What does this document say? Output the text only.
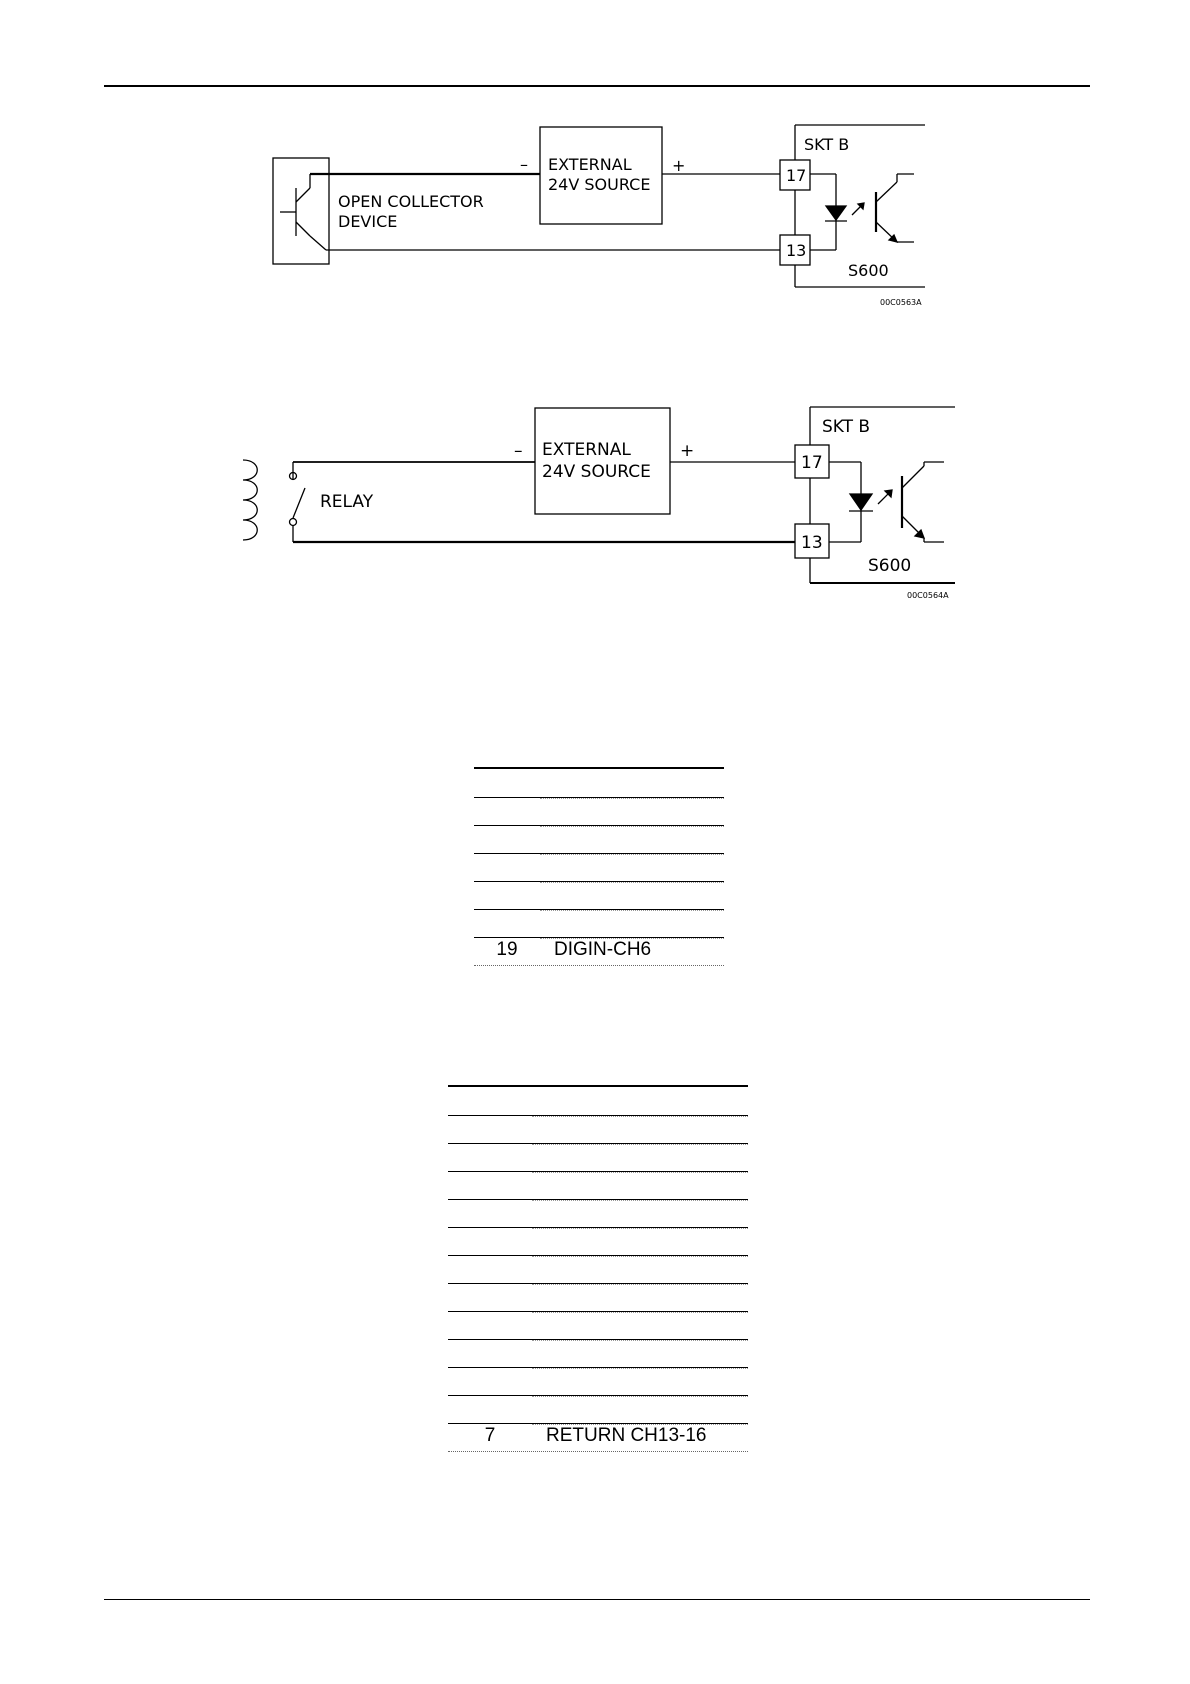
OPEN COLLECTOR
DEVICE
EXTERNAL
24V SOURCE
–	+
SKT B
17
13
S600
00C0563A
RELAY
EXTERNAL
24V SOURCE
–	+
SKT B
17
13
S600
00C0564A
19	DIGIN-CH6
7	RETURN CH13-16
